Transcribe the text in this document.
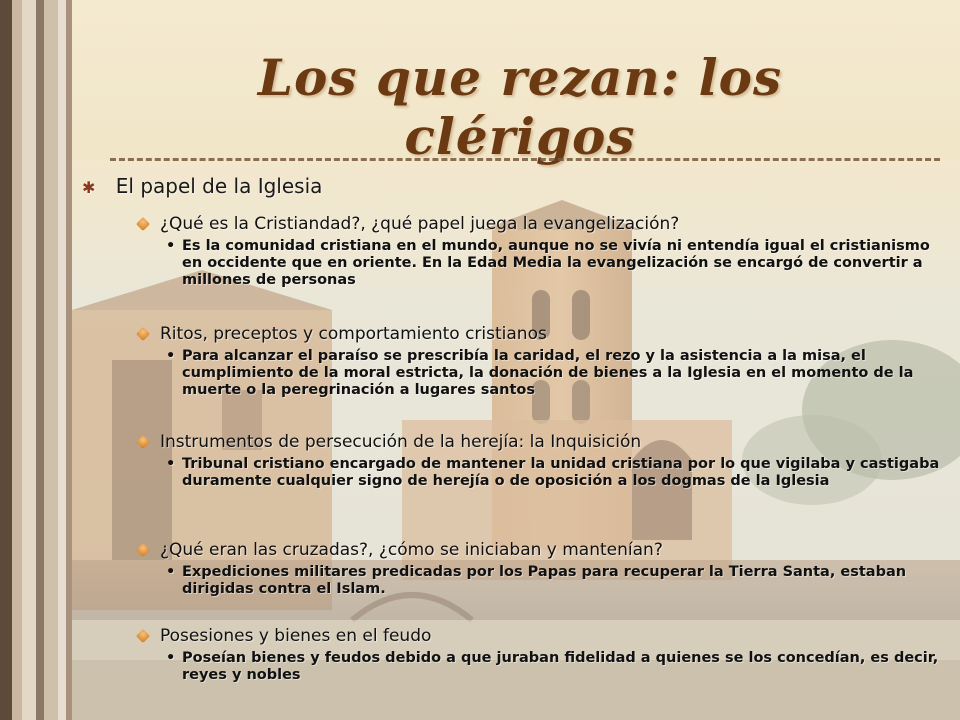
Los que rezan: los clérigos
✱ El papel de la Iglesia
¿Qué es la Cristiandad?, ¿qué papel juega la evangelización?
• Es la comunidad cristiana en el mundo, aunque no se vivía ni entendía igual el cristianismo en occidente que en oriente. En la Edad Media la evangelización se encargó de convertir a millones de personas
Ritos, preceptos y comportamiento cristianos
• Para alcanzar el paraíso se prescribía la caridad, el rezo y la asistencia a la misa, el cumplimiento de la moral estricta, la donación de bienes a la Iglesia en el momento de la muerte o la peregrinación a lugares santos
Instrumentos de persecución de la herejía: la Inquisición
• Tribunal cristiano encargado de mantener la unidad cristiana por lo que vigilaba y castigaba duramente cualquier signo de herejía o de oposición a los dogmas de la Iglesia
¿Qué eran las cruzadas?, ¿cómo se iniciaban y mantenían?
• Expediciones militares predicadas por los Papas para recuperar la Tierra Santa, estaban dirigidas contra el Islam.
Posesiones y bienes en el feudo
• Poseían bienes y feudos debido a que juraban fidelidad a quienes se los concedían, es decir, reyes y nobles
